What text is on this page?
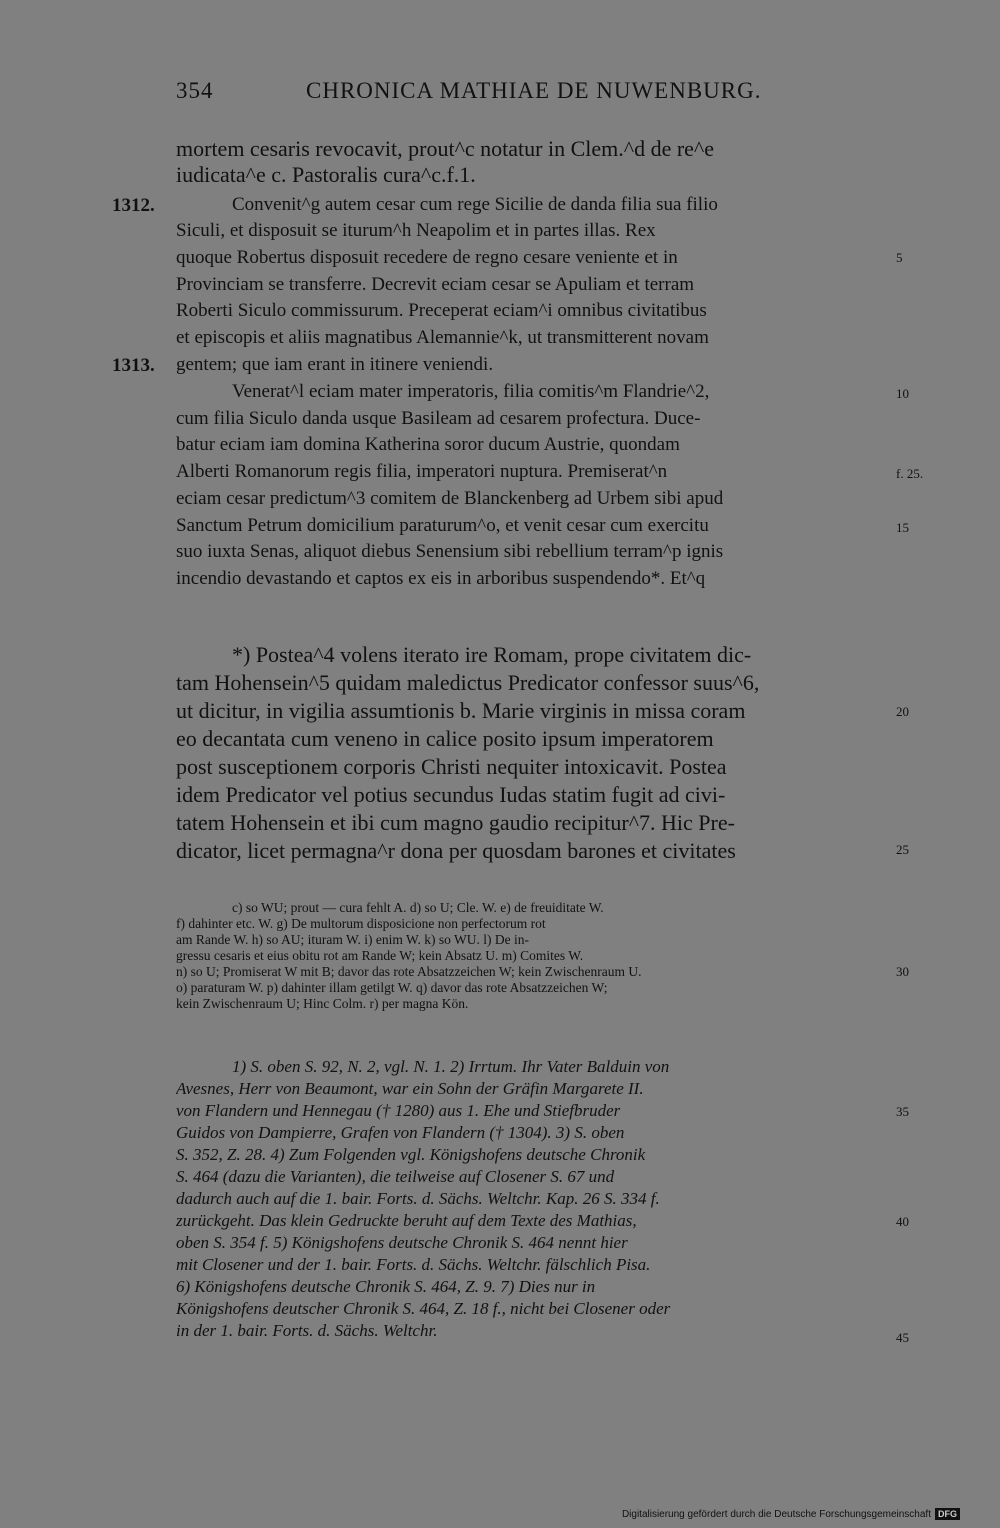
354	CHRONICA MATHIAE DE NUWENBURG.
mortem cesaris revocavit, prout^c notatur in Clem.^d de re^e
iudicata^e c. Pastoralis cura^c.f.1.
Convenit^g autem cesar cum rege Sicilie de danda filia sua filio
Siculi, et disposuit se iturum^h Neapolim et in partes illas. Rex
quoque Robertus disposuit recedere de regno cesare veniente et in
Provinciam se transferre. Decrevit eciam cesar se Apuliam et terram
Roberti Siculo commissurum. Preceperat eciam^i omnibus civitatibus
et episcopis et aliis magnatibus Alemannie^k, ut transmitterent novam
gentem; que iam erant in itinere veniendi.
Venerat^l eciam mater imperatoris, filia comitis^m Flandrie^2,
cum filia Siculo danda usque Basileam ad cesarem profectura. Duce-
batur eciam iam domina Katherina soror ducum Austrie, quondam
Alberti Romanorum regis filia, imperatori nuptura. Premiserat^n
eciam cesar predictum^3 comitem de Blanckenberg ad Urbem sibi apud
Sanctum Petrum domicilium paraturum^o, et venit cesar cum exercitu
suo iuxta Senas, aliquot diebus Senensium sibi rebellium terram^p ignis
incendio devastando et captos ex eis in arboribus suspendendo*. Et^q
1312.
1313.
f. 25.
*) Postea^4 volens iterato ire Romam, prope civitatem dic-
tam Hohensein^5 quidam maledictus Predicator confessor suus^6,
ut dicitur, in vigilia assumtionis b. Marie virginis in missa coram
eo decantata cum veneno in calice posito ipsum imperatorem
post susceptionem corporis Christi nequiter intoxicavit. Postea
idem Predicator vel potius secundus Iudas statim fugit ad civi-
tatem Hohensein et ibi cum magno gaudio recipitur^7. Hic Pre-
dicator, licet permagna^r dona per quosdam barones et civitates
c) so WU; prout — cura fehlt A. d) so U; Cle. W. e) de freuiditate W.
f) dahinter etc. W. g) De multorum disposicione non perfectorum rot
am Rande W. h) so AU; ituram W. i) enim W. k) so WU. l) De in-
gressu cesaris et eius obitu rot am Rande W; kein Absatz U. m) Comites W.
n) so U; Promiserat W mit B; davor das rote Absatzzeichen W; kein Zwischenraum U.
o) paraturam W. p) dahinter illam getilgt W. q) davor das rote Absatzzeichen W;
kein Zwischenraum U; Hinc Colm. r) per magna Kön.
1) S. oben S. 92, N. 2, vgl. N. 1. 2) Irrtum. Ihr Vater Balduin von
Avesnes, Herr von Beaumont, war ein Sohn der Gräfin Margarete II.
von Flandern und Hennegau († 1280) aus 1. Ehe und Stiefbruder
Guidos von Dampierre, Grafen von Flandern († 1304). 3) S. oben
S. 352, Z. 28. 4) Zum Folgenden vgl. Königshofens deutsche Chronik
S. 464 (dazu die Varianten), die teilweise auf Closener S. 67 und
dadurch auch auf die 1. bair. Forts. d. Sächs. Weltchr. Kap. 26 S. 334 f.
zurückgeht. Das klein Gedruckte beruht auf dem Texte des Mathias,
oben S. 354 f. 5) Königshofens deutsche Chronik S. 464 nennt hier
mit Closener und der 1. bair. Forts. d. Sächs. Weltchr. fälschlich Pisa.
6) Königshofens deutsche Chronik S. 464, Z. 9. 7) Dies nur in
Königshofens deutscher Chronik S. 464, Z. 18 f., nicht bei Closener oder
in der 1. bair. Forts. d. Sächs. Weltchr.
5
10
15
20
25
30
35
40
45
Digitalisierung gefördert durch die Deutsche Forschungsgemeinschaft DFG
